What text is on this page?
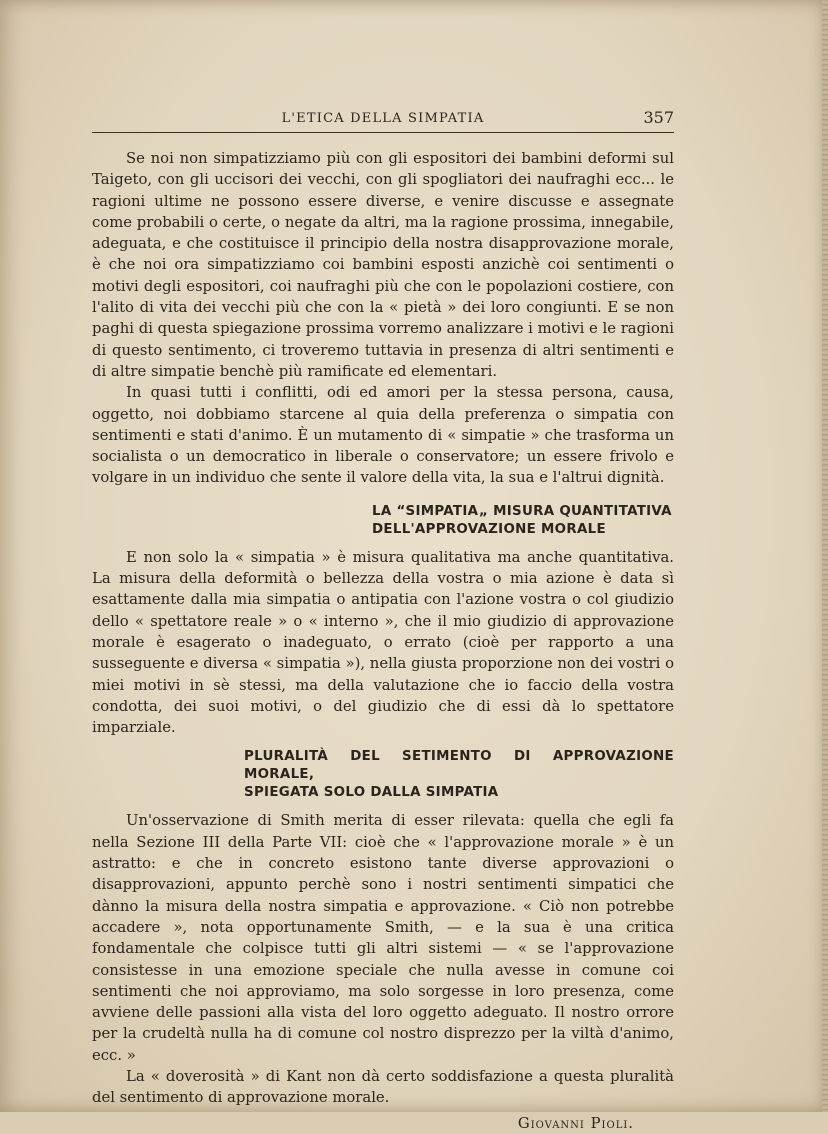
L'ETICA DELLA SIMPATIA	357

Se noi non simpatizziamo più con gli espositori dei bambini deformi sul Taigeto, con gli uccisori dei vecchi, con gli spogliatori dei naufraghi ecc... le ragioni ultime ne possono essere diverse, e venire discusse e assegnate come probabili o certe, o negate da altri, ma la ragione prossima, innegabile, adeguata, e che costituisce il principio della nostra disapprovazione morale, è che noi ora simpatizziamo coi bambini esposti anzichè coi sentimenti o motivi degli espositori, coi naufraghi più che con le popolazioni costiere, con l'alito di vita dei vecchi più che con la « pietà » dei loro congiunti. E se non paghi di questa spiegazione prossima vorremo analizzare i motivi e le ragioni di questo sentimento, ci troveremo tuttavia in presenza di altri sentimenti e di altre simpatie benchè più ramificate ed elementari.

In quasi tutti i conflitti, odi ed amori per la stessa persona, causa, oggetto, noi dobbiamo starcene al quia della preferenza o simpatia con sentimenti e stati d'animo. È un mutamento di « simpatie » che trasforma un socialista o un democratico in liberale o conservatore; un essere frivolo e volgare in un individuo che sente il valore della vita, la sua e l'altrui dignità.

LA “SIMPATIA„ MISURA QUANTITATIVA
DELL'APPROVAZIONE MORALE

E non solo la « simpatia » è misura qualitativa ma anche quantitativa. La misura della deformità o bellezza della vostra o mia azione è data sì esattamente dalla mia simpatia o antipatia con l'azione vostra o col giudizio dello « spettatore reale » o « interno », che il mio giudizio di approvazione morale è esagerato o inadeguato, o errato (cioè per rapporto a una susseguente e diversa « simpatia »), nella giusta proporzione non dei vostri o miei motivi in sè stessi, ma della valutazione che io faccio della vostra condotta, dei suoi motivi, o del giudizio che di essi dà lo spettatore imparziale.

PLURALITÀ DEL SETIMENTO DI APPROVAZIONE MORALE,
SPIEGATA SOLO DALLA SIMPATIA

Un'osservazione di Smith merita di esser rilevata: quella che egli fa nella Sezione III della Parte VII: cioè che « l'approvazione morale » è un astratto: e che in concreto esistono tante diverse approvazioni o disapprovazioni, appunto perchè sono i nostri sentimenti simpatici che dànno la misura della nostra simpatia e approvazione. « Ciò non potrebbe accadere », nota opportunamente Smith, — e la sua è una critica fondamentale che colpisce tutti gli altri sistemi — « se l'approvazione consistesse in una emozione speciale che nulla avesse in comune coi sentimenti che noi approviamo, ma solo sorgesse in loro presenza, come avviene delle passioni alla vista del loro oggetto adeguato. Il nostro orrore per la crudeltà nulla ha di comune col nostro disprezzo per la viltà d'animo, ecc. »

La « doverosità » di Kant non dà certo soddisfazione a questa pluralità del sentimento di approvazione morale.

Giovanni Pioli.
